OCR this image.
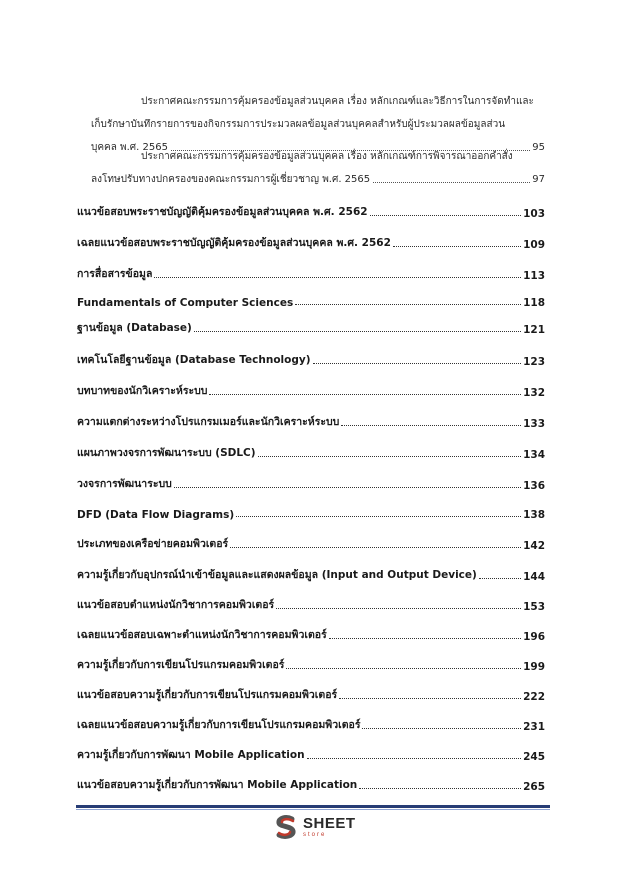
ประกาศคณะกรรมการคุ้มครองข้อมูลส่วนบุคคล เรื่อง หลักเกณฑ์และวิธีการในการจัดทำและ
เก็บรักษาบันทึกรายการของกิจกรรมการประมวลผลข้อมูลส่วนบุคคลสำหรับผู้ประมวลผลข้อมูลส่วน
บุคคล พ.ศ. 2565	95
ประกาศคณะกรรมการคุ้มครองข้อมูลส่วนบุคคล เรื่อง หลักเกณฑ์การพิจารณาออกคำสั่ง
ลงโทษปรับทางปกครองของคณะกรรมการผู้เชี่ยวชาญ พ.ศ. 2565	97
แนวข้อสอบพระราชบัญญัติคุ้มครองข้อมูลส่วนบุคคล พ.ศ. 2562	103
เฉลยแนวข้อสอบพระราชบัญญัติคุ้มครองข้อมูลส่วนบุคคล พ.ศ. 2562	109
การสื่อสารข้อมูล	113
Fundamentals of Computer Sciences	118
ฐานข้อมูล (Database)	121
เทคโนโลยีฐานข้อมูล (Database Technology)	123
บทบาทของนักวิเคราะห์ระบบ	132
ความแตกต่างระหว่างโปรแกรมเมอร์และนักวิเคราะห์ระบบ	133
แผนภาพวงจรการพัฒนาระบบ (SDLC)	134
วงจรการพัฒนาระบบ	136
DFD (Data Flow Diagrams)	138
ประเภทของเครือข่ายคอมพิวเตอร์	142
ความรู้เกี่ยวกับอุปกรณ์นำเข้าข้อมูลและแสดงผลข้อมูล (Input and Output Device)	144
แนวข้อสอบตำแหน่งนักวิชาการคอมพิวเตอร์	153
เฉลยแนวข้อสอบเฉพาะตำแหน่งนักวิชาการคอมพิวเตอร์	196
ความรู้เกี่ยวกับการเขียนโปรแกรมคอมพิวเตอร์	199
แนวข้อสอบความรู้เกี่ยวกับการเขียนโปรแกรมคอมพิวเตอร์	222
เฉลยแนวข้อสอบความรู้เกี่ยวกับการเขียนโปรแกรมคอมพิวเตอร์	231
ความรู้เกี่ยวกับการพัฒนา Mobile Application	245
แนวข้อสอบความรู้เกี่ยวกับการพัฒนา Mobile Application	265
SHEET
store
